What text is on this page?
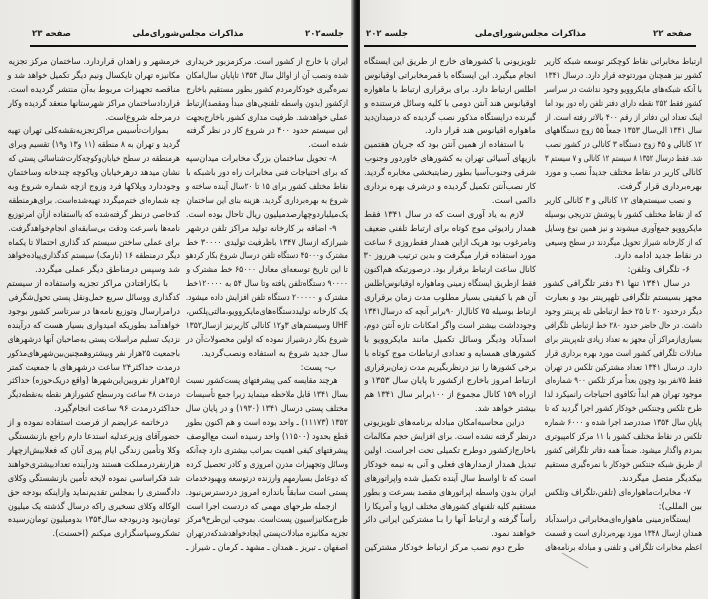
جلسه۲۰۲
مذاکرات مجلس‌شورای‌ملی
صفحه ۲۳
ایران با خارج از کشور است. مرکزمزبور خریداری
شده ونصب آن از اوائل سال ۱۳۵۴ تاپایان سال‌امکان
نمره‌گیری خودکارمردم کشور بطور مستقیم باخارج
ازکشور (بدون واسطه تلفنچی‌های مبدأ ومقصد)ارتباط
عملی خواهدشد. ظرفیت مداری کشور باخارج‌بجهت
این سیستم حدود ۴۰۰ در شروع کار در نظر گرفته
شده است.
۸- تحویل ساختمان بزرگ مخابرات میدان‌سپه
که برای احتیاجات فنی مخابرات راه دور باشبکه با
نقاط مختلف کشور برای ۱۵ تا ۲۰سال آینده ساخته و
شروع به بهره‌برداری گردید. هزینه بنای این ساختمان
یک‌میلیاردوچهارصدمیلیون ریال تاحال بوده است.
۹- اضافه بر کارخانه تولید مراکز تلفن درشهر
شیرازکه ازسال ۱۳۴۷ باظرفیت تولیدی ۳۰۰۰۰ خط
مشترک و۴۵۰۰۰ دستگاه تلفن درسال شروع بکار کردهو
تا این تاریخ توسعه‌ای معادل ۶۵۰۰۰ خط مشترک و
۹۰۰۰۰ دستگاه‌تلفن یافته وتا سال ۵۴ به ۱۲۰۰۰۰خط
مشترک و ۲۰۰۰۰۰ دستگاه تلفن افزایش داده میشود.
یک کارخانه تولیددستگاه‌های‌مایکروویو،مالتی‌پلکس،
UHF وسیستم‌های ۳و۱۲ کانالی کاریرنیز ازسال۱۳۵۲
شروع بکار درشیراز نموده که اولین محصولات‌آن در
سال جدید شروع به استفاده ونصب‌گردید.
ب- پست:
هرچند مقایسه کمی پیشرفتهای پست‌کشور نسبت
بسال ۱۳۴۱ قابل ملاحظه مینماید زیرا جمع تأسیسات
مختلف پستی درسال ۱۳۴۱ (۱۹۳۰) و در پایان سال
۱۳۵۲ (۱۱۱۷۳) ـ واحد بوده است و هم اکنون بطور
قطع بحدود (۱۱۵۰۰) واحد رسیده است مع‌الوصف
پیشرفتهای کیفی اهمیت بمراتب بیشتری دارد چه‌آنکه
وسائل وتجهیزات مدرن امروزی و کادر تحصیل کرده
که دوعامل بسیارمهم وارزنده درتوسعه وبهبودخدمات
پستی است سابقاً باندازه امروز دردسترس‌نبود.
ازجمله طرحهای مهمی که دردست اجرا است
طرح‌مکانیزاسیون پست‌است. بموجب این‌طرح۹مرکز
تجزیه مکانیزه مبادلات‌پستی ایجادخواهدشدکه‌درتهران
اصفهان ـ تبریز ـ همدان ـ مشهد ـ کرمان ـ شیراز ـ
خرمشهر و زاهدان قراردارد. ساختمان مرکز تجزیه
مکانیزه تهران تایکسال ونیم دیگر تکمیل خواهد شد و
مناقصه تجهیزات مربوط به‌آن منتشر گردیده است.
قراردادساختمان مراکز شهرستانها منعقد گردیده وکار
درمرحله شروع‌است.
بموازات‌تأسیس مراکزتجزیه‌نقشه‌کلی تهران تهیه
گردید و تهران به ۸ منطقه (۱۱ و۱۳ و۱۹) تقسیم وبرای
هرمنطقه در سطح خیابان‌وکوچه‌کارت‌شناسائی پستی که
نشان میدهد درهرخیابان ویاکوچه چندخانه وساختمان
وجوددارد وپلاکها فرد وزوج ازچه شماره شروع وبه
چه شماره‌ای ختم‌میگردد تهیه‌شده‌است. برای‌هرمنطقه
کدخاصی درنظر گرفته‌شده که بااستفاده ازآن امرتوزیع
نامه‌ها باسرعت ودقت بی‌سابقه‌ای انجام‌خواهدگرفت.
برای عملی ساختن سیستم کد گذاری احتمالا تا یکماه
دیگر درمنطقه ۱۶ (نارمک) سیستم کدگذاری‌پیاده‌خواهد
شد وسپس درمناطق دیگر عملی میگردد.
با بکارافتادن مراکز تجزیه واستفاده از سیستم
کدگذاری ووسائل سریع حمل‌ونقل پستی تحول‌شگرفی
درامرارسال وتوزیع نامه‌ها در سرتاسر کشور بوجود
خواهدآمد بطوریکه امیدواری بسیار هست که درآینده
نزدیک تسلیم مراسلات پستی به‌صاحبان آنها درشهرهای
باجمعیت ۲۵هزار نفر وبیشتروهمچنین‌بین‌شهرهای‌مذکور
درمدت حداکثر۲۴ ساعت درشهرهای با جمعیت کمتر
از۲۵هزار نفروبین‌این‌شهرها (واقع دریک‌حوزه) حداکثر
درمدت ۴۸ ساعت ودرسطح کشورازهر نقطه به‌نقطه‌دیگر
حداکثردرمدت ۹۶ ساعت انجام‌گیرد.
درخاتمه عرایضم از فرصت استفاده نموده و از
حضورآقای وزیرعدلیه استدعا دارم راجع بازنشستگی
وکلا وتأمین زندگی ایام پیری آنان که فعلابیش‌ازچهار
هزارنفردرمملکت هستند ودرآینده تعدادبیشتری‌خواهند
شد فکراساسی نموده لایحه تأمین بازنشستگی وکلای
دادگستری را بمجلس تقدیم‌نماید وازاینکه بودجه حق
الوکاله وکلای تسخیری راکه درسال گذشته یک میلیون
تومان‌بود ودربودجه سال۱۳۵۴ بدومیلیون تومان‌رسیده
تشکروسپاسگزاری میکنم (احسنت).
صفحه ۲۲
مذاکرات مجلس‌شورای‌ملی
جلسه ۲۰۲
ارتباط مخابراتی نقاط کوچکتر توسعه شبکه کاریر
کشور نیز همچنان موردتوجه قرار دارد. درسال ۱۳۴۱
با آنکه شبکه‌های مایکروویو وجود نداشت در سراسر
کشور فقط ۲۵۲ نقطه دارای دفتر تلفن راه دور بود اما
اینک تعداد این دفاتر از رقم ۴۰۰ بالاتر رفته است. از
سال ۱۳۴۱ الی‌سال ۱۳۵۳ جمعاً ۵۵ زوج دستگاههای
۱۲ کانالی و ۴۵ زوج دستگاه ۳ کانالی در کشور نصب
شد. فقط درسال ۱۳۵۲ ۸ سیستم ۱۲ کانالی و ۷ سیستم ۳
کانالی کاریر در نقاط مختلف جدیداً نصب و مورد
بهره‌برداری قرار گرفت.
و نصب سیستم‌های ۱۲ کانالی و ۳ کانالی کاریر
که از نقاط مختلف کشور با پوشش تدریجی بوسیله
مایکروویو جمع‌آوری میشوند و نیز همین نوع وسایل
که از کارخانه شیراز تحویل میگردند در سطح وسیعی
در نقاط جدید ادامه دارد.
۶- تلگراف وتلفن:
در سال ۱۳۴۱ تنها ۴۱ دفتر تلگرافی کشور
مجهز بسیستم تلگرافی تلهپرینتر بود و بعبارت
دیگر درحدود ۲۰ تا ۲۵ خط ارتباطی تله پرینتر وجود
داشت. در حال حاضر حدود ۲۸۰ خط ارتباطی تلگرافی
بسیاری‌ازمراکز آن مجهز به تعداد زیادی تله‌پرینتر برای
مبادلات تلگرافی کشور است مورد بهره برداری قرار
دارد. درسال ۱۳۴۱ تعداد مشترکین تلکس در تهران
فقط ۷۵نفر بود وچون بعداً مرکز تلکس ۹۰۰ شماره‌ای
موجود تهران هم ابداً تکافوی احتیاجات رانمیکرد لذا
طرح تلکس وجنتکس خودکار کشور اجرا گردید که تا
پایان سال ۱۳۵۴ صددرصد اجرا شده و ۶۰۰۰ شماره
تلکس در نقاط مختلف کشور با ۱۱ مرکز کامپیوتری
بمردم واگذار میشود. ضمناً همه دفاتر تلگرافی کشور
از طریق شبکه جنتکس خودکار با نمره‌گیری مستقیم
بیکدیگر متصل میگردند.
۷- مخابرات‌ماهواره‌ای (تلفن،تلگراف وتلکس
بین المللی):
ایستگاه‌زمینی ماهواره‌ای‌مخابراتی دراسدآباد
همدان ازسال ۱۳۴۸ مورد بهره‌برداری است و قسمت
اعظم مخابرات تلگرافی و تلفنی و مبادله برنامه‌های
تلویزیونی با کشورهای خارج از طریق این ایستگاه
انجام میگیرد. این ایستگاه با قمرمخابراتی اوقیانوس
اطلس ارتباط دارد. برای برقراری ارتباط با ماهواره
اوقیانوس هند آنتن دومی با کلیه وسائل فرستنده و
گیرنده درایستگاه مذکور نصب گردیده که درمیدان‌دید
ماهواره اقیانوس هند قرار دارد.
با استفاده از همین آنتن بود که جریان هفتمین
بازیهای آسیائی تهران به کشورهای خاوردور وجنوب
شرقی وجنوب‌آسیا بطور رضایتبخشی مخابره گردید.
کار نصب‌آنتن تکمیل گردیده و درشرف بهره برداری
دائمی است.
لازم به یاد آوری است که در سال ۱۳۴۱ فقط
همدار رادیوئی موج کوتاه برای ارتباط تلفنی ضعیف
ونامرغوب بود هریک ازاین همدار فقط‌روزی ۶ ساعت
مورد استفاده قرار میگرفت و بدین ترتیب هرروز ۳۰
کانال ساعت ارتباط برقرار بود. درصورتیکه هم‌اکنون
فقط ازطریق ایستگاه زمینی وماهواره اوقیانوس‌اطلس
آن هم با کیفیتی بسیار مطلوب مدت زمان برقراری
ارتباط بوسیله ۷۵ کانال‌از ۹۰برابر آنچه که درسال۱۳۴۱
وجودداشت بیشتر است واگر امکانات تازه آنتن دوم،
اسدآباد ودیگر وسائل تکمیل مانند مایکروویو با
کشورهای همسایه و تعدادی ارتباطات موج کوتاه با
برخی کشورها را نیز درنظربگیریم مدت زمان‌برقراری
ارتباط امروز باخارج ازکشور تا پایان سال ۱۳۵۳ و
ازراه ۱۵۹ کانال مجموع از ۱۰۰برابر سال ۱۳۴۱ هم
بیشتر خواهد شد.
دراین محاسبه‌امکان مبادله برنامه‌های تلویزیونی
درنظر گرفته نشده است. برای افزایش حجم مکالمات
باخارج‌ازکشور دوطرح تکمیلی تحت اجراست. اولین
تبدیل همدار ازمدارهای فعلی و آنی به نیمه خودکار
است که تا اواسط سال آینده تکمیل شده واپراتورهای
ایران بدون واسطه اپراتورهای مقصد بسرعت و بطور
مستقیم کلیه تلفنهای کشورهای مختلف اروپا و آمریکا را
رأساً گرفته و ارتباط آنها را بـا مشترکین ایرانی دائر
خواهند نمود.
طرح دوم نصب مرکز ارتباط خودکار مشترکین
